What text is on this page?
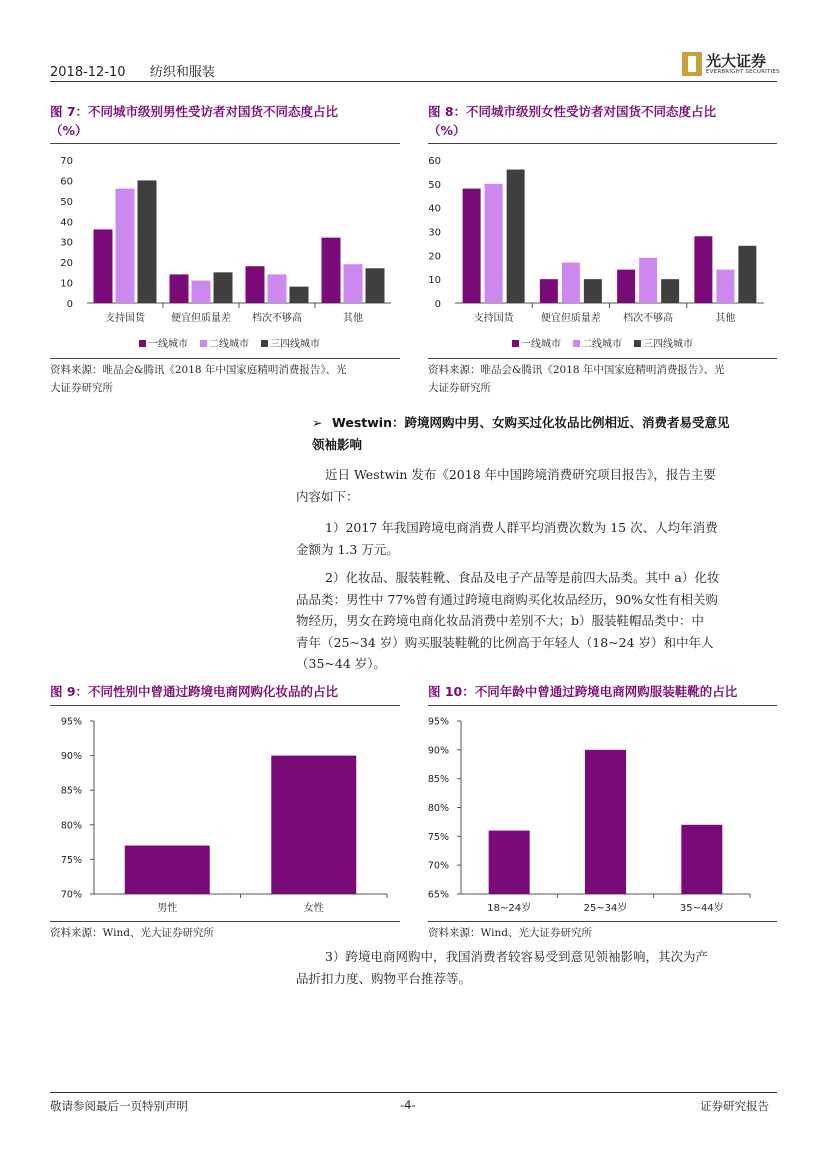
2018-12-10 纺织和服装
光大证券
EVERBRIGHT SECURITIES
图 7：不同城市级别男性受访者对国货不同态度占比
（%）
0
10
20
30
40
50
60
70
支持国货	便宜但质量差 档次不够高	其他
一线城市 二线城市 三四线城市
资料来源：唯品会&腾讯《2018 年中国家庭精明消费报告》、光
大证券研究所
图 8：不同城市级别女性受访者对国货不同态度占比
（%）
0
10
20
30
40
50
60
支持国货	便宜但质量差 档次不够高	其他
一线城市 二线城市 三四线城市
资料来源：唯品会&腾讯《2018 年中国家庭精明消费报告》、光
大证券研究所
➢ Westwin：跨境网购中男、女购买过化妆品比例相近、消费者易受意见
领袖影响
近日 Westwin 发布《2018 年中国跨境消费研究项目报告》，报告主要
内容如下：
1）2017 年我国跨境电商消费人群平均消费次数为 15 次、人均年消费
金额为 1.3 万元。
2）化妆品、服装鞋靴、食品及电子产品等是前四大品类。其中 a）化妆
品品类：男性中 77%曾有通过跨境电商购买化妆品经历，90%女性有相关购
物经历，男女在跨境电商化妆品消费中差别不大；b）服装鞋帽品类中：中
青年（25~34 岁）购买服装鞋靴的比例高于年轻人（18~24 岁）和中年人
（35~44 岁）。
图 9：不同性别中曾通过跨境电商网购化妆品的占比
70%
75%
80%
85%
90%
95%
男性	女性
资料来源：Wind、光大证券研究所
图 10：不同年龄中曾通过跨境电商网购服装鞋靴的占比
65%
70%
75%
80%
85%
90%
95%
18~24岁	25~34岁	35~44岁
资料来源：Wind、光大证券研究所
3）跨境电商网购中，我国消费者较容易受到意见领袖影响，其次为产
品折扣力度、购物平台推荐等。
敬请参阅最后一页特别声明	-4-	证券研究报告
